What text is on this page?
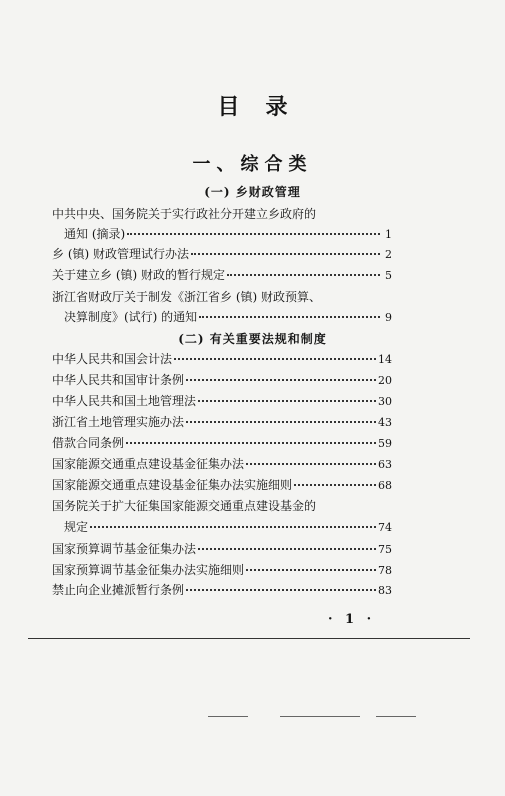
目录
一、综合类
(一) 乡财政管理
(二) 有关重要法规和制度
中共中央、国务院关于实行政社分开建立乡政府的
通知 (摘录)	1
乡 (镇) 财政管理试行办法	2
关于建立乡 (镇) 财政的暂行规定	5
浙江省财政厅关于制发《浙江省乡 (镇) 财政预算、
决算制度》(试行) 的通知	9
中华人民共和国会计法	14
中华人民共和国审计条例	20
中华人民共和国土地管理法	30
浙江省土地管理实施办法	43
借款合同条例	59
国家能源交通重点建设基金征集办法	63
国家能源交通重点建设基金征集办法实施细则	68
国务院关于扩大征集国家能源交通重点建设基金的
规定	74
国家预算调节基金征集办法	75
国家预算调节基金征集办法实施细则	78
禁止向企业摊派暂行条例	83
· 1 ·
